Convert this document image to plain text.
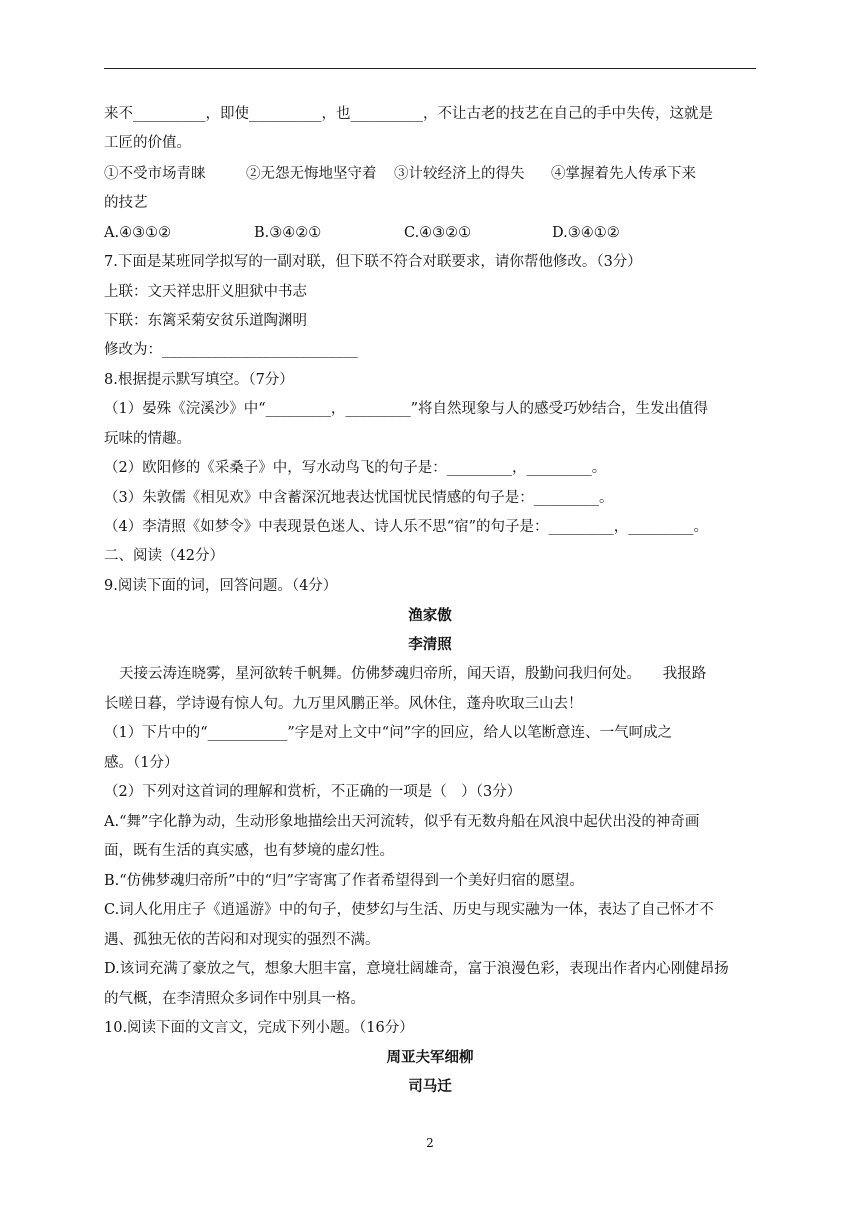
来不__________，即使__________，也__________，不让古老的技艺在自己的手中失传，这就是
工匠的价值。
①不受市场青睐	②无怨无悔地坚守着	③计较经济上的得失	④掌握着先人传承下来
的技艺
A.④③①②	B.③④②①	C.④③②①	D.③④①②
7.下面是某班同学拟写的一副对联，但下联不符合对联要求，请你帮他修改。（3分）
上联：文天祥忠肝义胆狱中书志
下联：东篱采菊安贫乐道陶渊明
修改为：___________________________
8.根据提示默写填空。（7分）
（1）晏殊《浣溪沙》中“_________，_________”将自然现象与人的感受巧妙结合，生发出值得
玩味的情趣。
（2）欧阳修的《采桑子》中，写水动鸟飞的句子是：_________，_________。
（3）朱敦儒《相见欢》中含蓄深沉地表达忧国忧民情感的句子是：_________。
（4）李清照《如梦令》中表现景色迷人、诗人乐不思“宿”的句子是：_________，_________。
二、阅读（42分）
9.阅读下面的词，回答问题。（4分）
渔家傲
李清照
天接云涛连晓雾，星河欲转千帆舞。仿佛梦魂归帝所，闻天语，殷勤问我归何处。　　我报路
长嗟日暮，学诗谩有惊人句。九万里风鹏正举。风休住，蓬舟吹取三山去！
（1）下片中的“___________”字是对上文中“问”字的回应，给人以笔断意连、一气呵成之
感。（1分）
（2）下列对这首词的理解和赏析，不正确的一项是（　）（3分）
A.“舞”字化静为动，生动形象地描绘出天河流转，似乎有无数舟船在风浪中起伏出没的神奇画
面，既有生活的真实感，也有梦境的虚幻性。
B.“仿佛梦魂归帝所”中的“归”字寄寓了作者希望得到一个美好归宿的愿望。
C.词人化用庄子《逍遥游》中的句子，使梦幻与生活、历史与现实融为一体，表达了自己怀才不
遇、孤独无依的苦闷和对现实的强烈不满。
D.该词充满了豪放之气，想象大胆丰富，意境壮阔雄奇，富于浪漫色彩，表现出作者内心刚健昂扬
的气概，在李清照众多词作中别具一格。
10.阅读下面的文言文，完成下列小题。（16分）
周亚夫军细柳
司马迁
2
